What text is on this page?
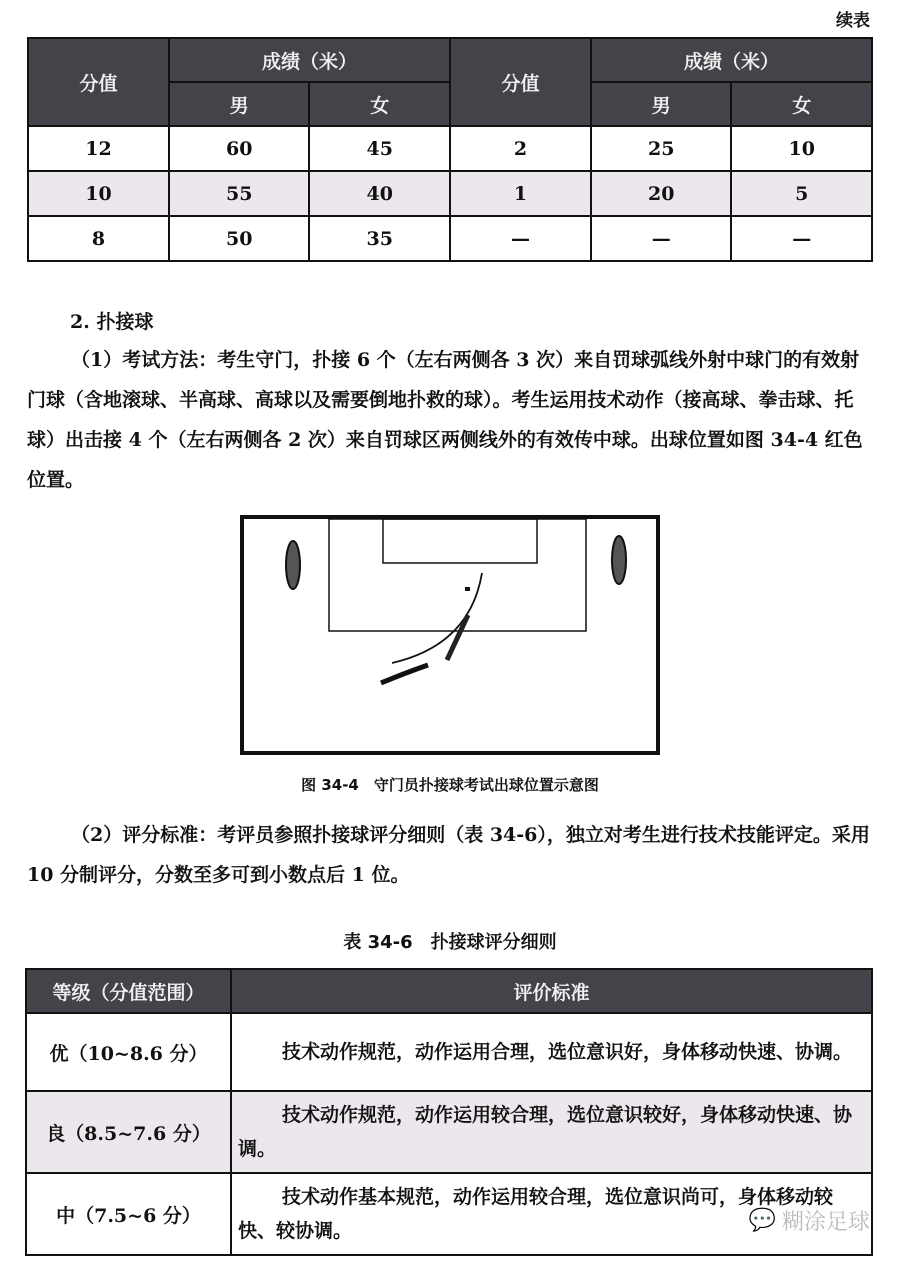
续表
分值	成绩（米）		分值	成绩（米）	
	男	女		男	女
12	60	45	2	25	10
10	55	40	1	20	5
8	50	35	—	—	—
2. 扑接球

（1）考试方法：考生守门，扑接 6 个（左右两侧各 3 次）来自罚球弧线外射中球门的有效射门球（含地滚球、半高球、高球以及需要倒地扑救的球）。考生运用技术动作（接高球、拳击球、托球）出击接 4 个（左右两侧各 2 次）来自罚球区两侧线外的有效传中球。出球位置如图 34-4 红色位置。

图 34-4　守门员扑接球考试出球位置示意图

（2）评分标准：考评员参照扑接球评分细则（表 34-6），独立对考生进行技术技能评定。采用 10 分制评分，分数至多可到小数点后 1 位。

表 34-6　扑接球评分细则
等级（分值范围）	评价标准
优（10~8.6 分）	技术动作规范，动作运用合理，选位意识好，身体移动快速、协调。
良（8.5~7.6 分）	技术动作规范，动作运用较合理，选位意识较好，身体移动快速、协调。
中（7.5~6 分）	技术动作基本规范，动作运用较合理，选位意识尚可，身体移动较快、较协调。	💬 糊涂足球
